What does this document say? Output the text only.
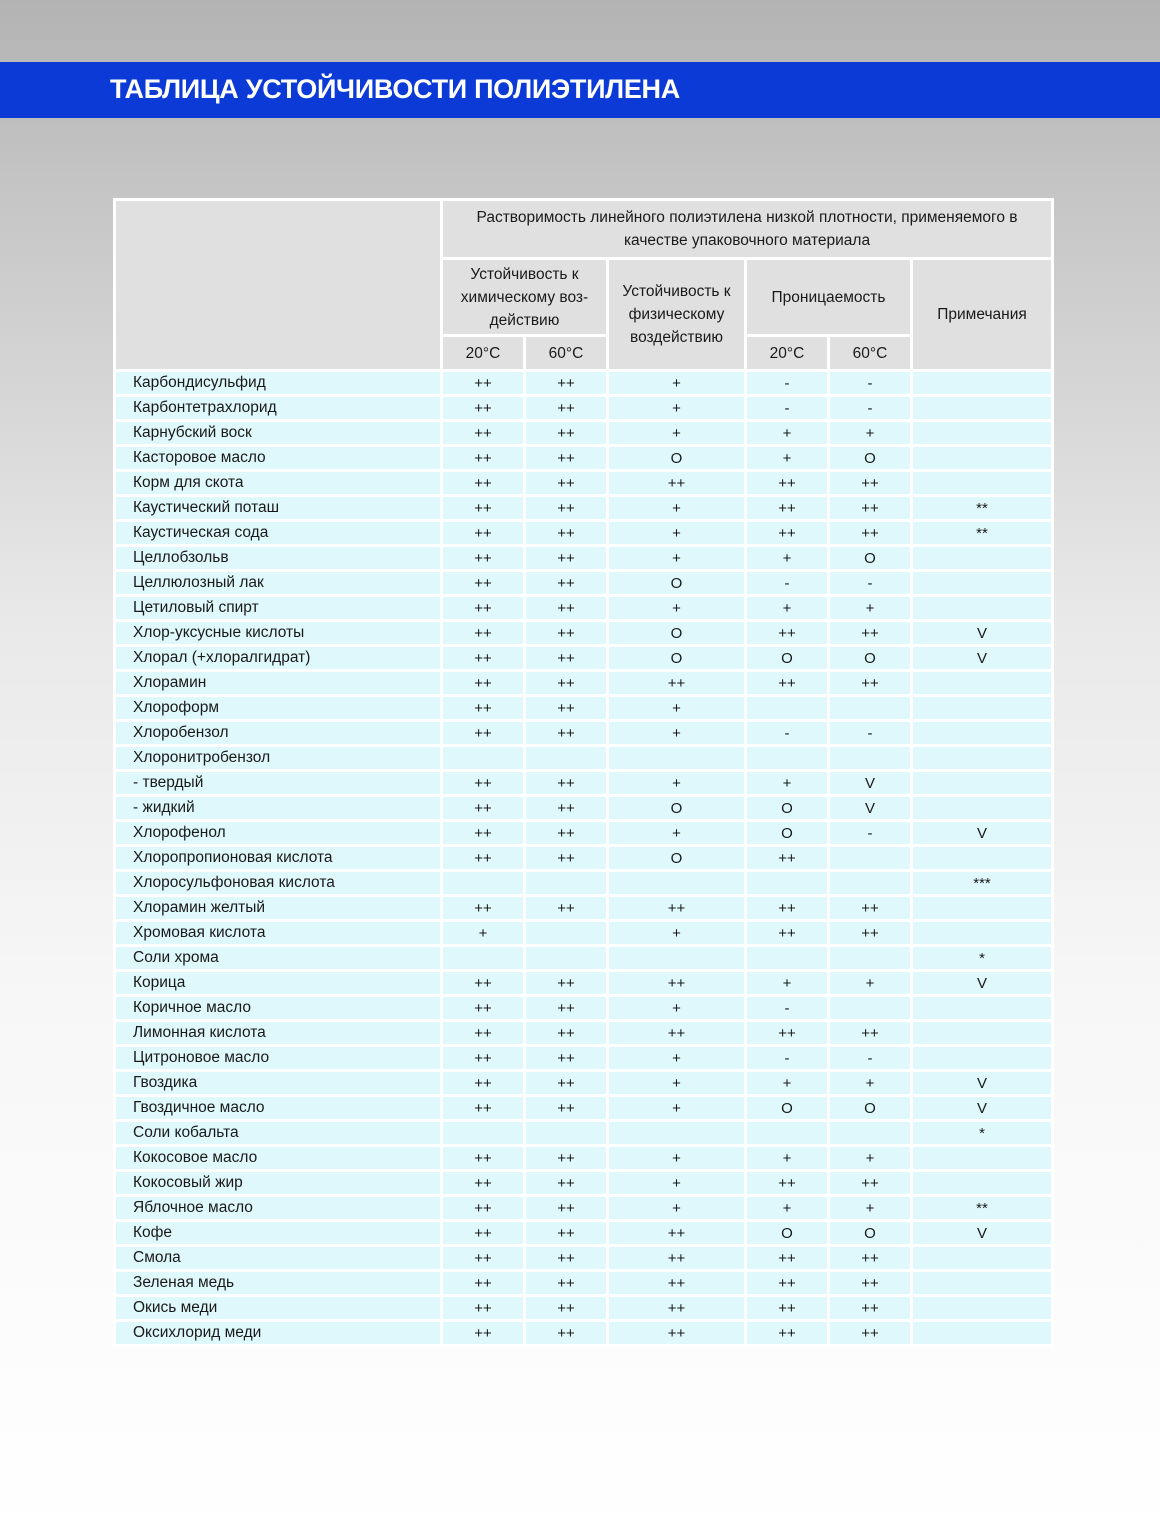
ТАБЛИЦА УСТОЙЧИВОСТИ ПОЛИЭТИЛЕНА
	Растворимость линейного полиэтилена низкой плотности, применяемого в качестве упаковочного материала					
	Устойчивость к химическому воз-действию		Устойчивость к физическому воздействию	Проницаемость		Примечания
	20°С	60°С		20°С	60°С	
Карбондисульфид	++	++	+	-	-	
Карбонтетрахлорид	++	++	+	-	-	
Карнубский воск	++	++	+	+	+	
Касторовое масло	++	++	O	+	O	
Корм для скота	++	++	++	++	++	
Каустический поташ	++	++	+	++	++	**
Каустическая сода	++	++	+	++	++	**
Целлобзольв	++	++	+	+	O	
Целлюлозный лак	++	++	O	-	-	
Цетиловый спирт	++	++	+	+	+	
Хлор-уксусные кислоты	++	++	O	++	++	V
Хлорал (+хлоралгидрат)	++	++	O	O	O	V
Хлорамин	++	++	++	++	++	
Хлороформ	++	++	+			
Хлоробензол	++	++	+	-	-	
Хлоронитробензол						
- твердый	++	++	+	+	V	
- жидкий	++	++	O	O	V	
Хлорофенол	++	++	+	O	-	V
Хлоропропионовая кислота	++	++	O	++		
Хлоросульфоновая кислота						***
Хлорамин желтый	++	++	++	++	++	
Хромовая кислота	+		+	++	++	
Соли хрома						*
Корица	++	++	++	+	+	V
Коричное масло	++	++	+	-		
Лимонная кислота	++	++	++	++	++	
Цитроновое масло	++	++	+	-	-	
Гвоздика	++	++	+	+	+	V
Гвоздичное масло	++	++	+	O	O	V
Соли кобальта						*
Кокосовое масло	++	++	+	+	+	
Кокосовый жир	++	++	+	++	++	
Яблочное масло	++	++	+	+	+	**
Кофе	++	++	++	O	O	V
Смола	++	++	++	++	++	
Зеленая медь	++	++	++	++	++	
Окись меди	++	++	++	++	++	
Оксихлорид меди	++	++	++	++	++	
